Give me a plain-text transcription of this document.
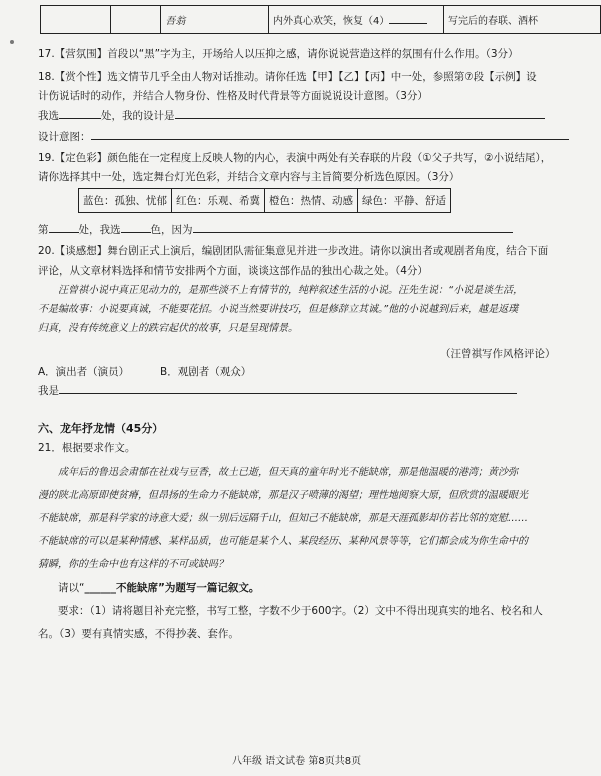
		吾翁	内外真心欢笑，恢复（4）	写完后的春联、酒杯
17.【营氛围】首段以“黑”字为主，开场给人以压抑之感，请你说说营造这样的氛围有什么作用。（3分）
18.【赏个性】选文情节几乎全由人物对话推动。请你任选【甲】【乙】【丙】中一处，参照第⑦段【示例】设
计伤说话时的动作，并结合人物身份、性格及时代背景等方面说说设计意图。（3分）
我选	处，我的设计是
设计意图：
19.【定色彩】颜色能在一定程度上反映人物的内心，表演中两处有关春联的片段（①父子共写，②小说结尾），
请你选择其中一处，选定舞台灯光色彩，并结合文章内容与主旨简要分析选色原因。（3分）
蓝色：孤独、忧郁	红色：乐观、希冀	橙色：热情、动感	绿色：平静、舒适
第	处，我选	色，因为
20.【谈感想】舞台剧正式上演后，编剧团队需征集意见并进一步改进。请你以演出者或观剧者角度，结合下面
评论，从文章材料选择和情节安排两个方面，谈谈这部作品的独出心裁之处。（4分）
汪曾祺小说中真正见动力的，是那些淡不上有情节的，纯粹叙述生活的小说。汪先生说：“小说是谈生活，
不是编故事：小说要真诚，不能要花招。小说当然要讲技巧，但是修辞立其诚。”他的小说越到后来，越是返璞
归真，没有传统意义上的跌宕起伏的故事，只是呈现情景。
（汪曾祺写作风格评论）
A．演出者（演员）	B．观剧者（观众）
我是
六、龙年抒龙情（45分）
21．根据要求作文。
成年后的鲁迅会肃郁在社戏与豆香，故土已逝，但天真的童年时光不能缺席，那是他温暖的港湾；黄沙弥
漫的陕北高原即使贫瘠，但昂扬的生命力不能缺席，那是汉子喷薄的渴望；理性地阅察大原，但欣赏的温暖眼光
不能缺席，那是科学家的诗意大爱；纵一别后远隔千山，但知己不能缺席，那是天涯孤影却仿若比邻的宽慰……
不能缺席的可以是某种情感、某样品质，也可能是某个人、某段经历、某种风景等等，它们都会成为你生命中的
猜瞬，你的生命中也有这样的不可或缺吗？
请以“______不能缺席”为题写一篇记叙文。
要求：（1）请将题目补充完整，书写工整，字数不少于600字。（2）文中不得出现真实的地名、校名和人
名。（3）要有真情实感，不得抄袭、套作。
八年级 语文试卷 第8页共8页
